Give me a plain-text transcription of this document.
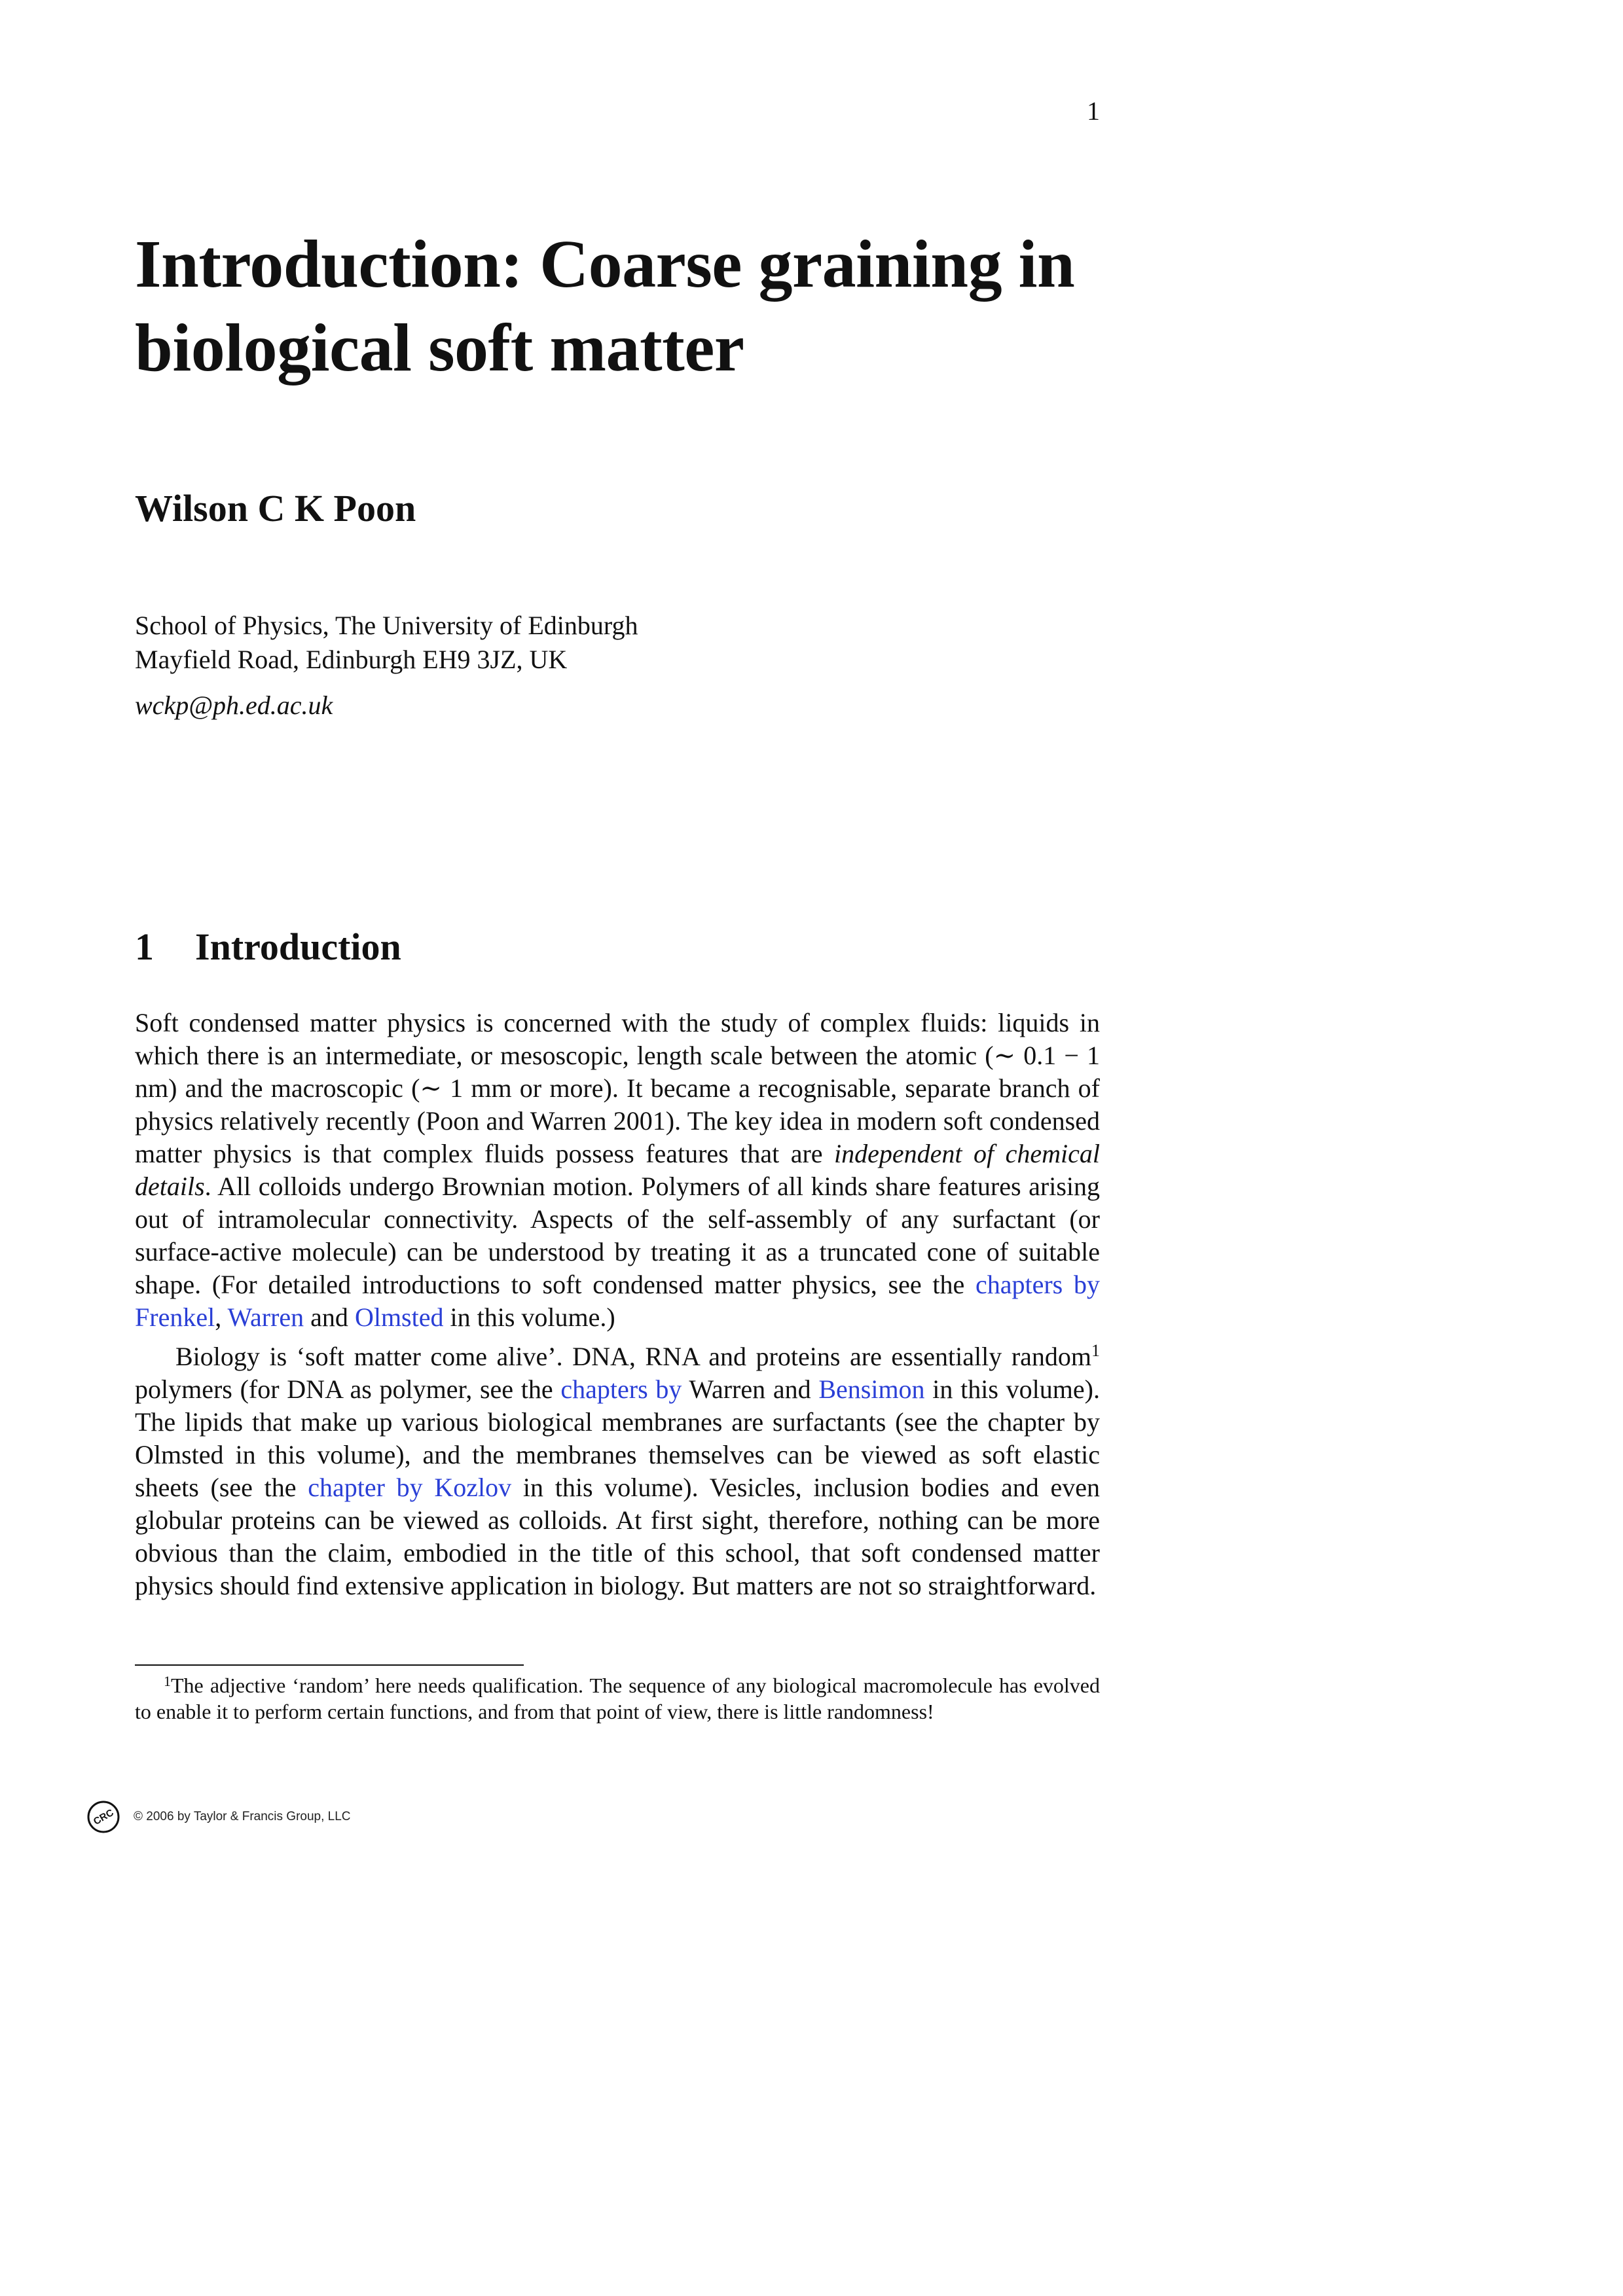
1
Introduction: Coarse graining in
biological soft matter
Wilson C K Poon
School of Physics, The University of Edinburgh
Mayfield Road, Edinburgh EH9 3JZ, UK
wckp@ph.ed.ac.uk
1 Introduction

Soft condensed matter physics is concerned with the study of complex fluids: liquids in which there is an intermediate, or mesoscopic, length scale between the atomic (∼ 0.1 − 1 nm) and the macroscopic (∼ 1 mm or more). It became a recognisable, separate branch of physics relatively recently (Poon and Warren 2001). The key idea in modern soft condensed matter physics is that complex fluids possess features that are independent of chemical details. All colloids undergo Brownian motion. Polymers of all kinds share features arising out of intramolecular connectivity. Aspects of the self-assembly of any surfactant (or surface-active molecule) can be understood by treating it as a truncated cone of suitable shape. (For detailed introductions to soft condensed matter physics, see the chapters by Frenkel, Warren and Olmsted in this volume.)

Biology is ‘soft matter come alive’. DNA, RNA and proteins are essentially random$^1$ polymers (for DNA as polymer, see the chapters by Warren and Bensimon in this volume). The lipids that make up various biological membranes are surfactants (see the chapter by Olmsted in this volume), and the membranes themselves can be viewed as soft elastic sheets (see the chapter by Kozlov in this volume). Vesicles, inclusion bodies and even globular proteins can be viewed as colloids. At first sight, therefore, nothing can be more obvious than the claim, embodied in the title of this school, that soft condensed matter physics should find extensive application in biology. But matters are not so straightforward.

$^1$The adjective ‘random’ here needs qualification. The sequence of any biological macromolecule has evolved to enable it to perform certain functions, and from that point of view, there is little randomness!
CRC © 2006 by Taylor & Francis Group, LLC
